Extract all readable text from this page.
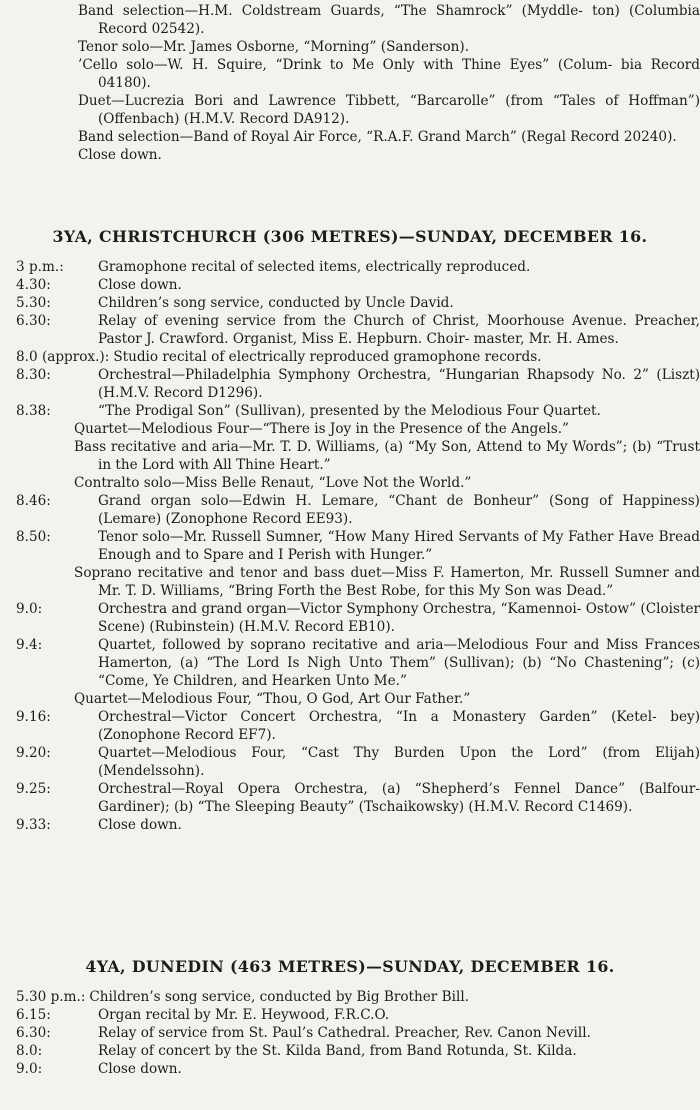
Band selection—H.M. Coldstream Guards, “The Shamrock” (Myddle- ton) (Columbia Record 02542).

Tenor solo—Mr. James Osborne, “Morning” (Sanderson).

’Cello solo—W. H. Squire, “Drink to Me Only with Thine Eyes” (Colum- bia Record 04180).

Duet—Lucrezia Bori and Lawrence Tibbett, “Barcarolle” (from “Tales of Hoffman”) (Offenbach) (H.M.V. Record DA912).

Band selection—Band of Royal Air Force, “R.A.F. Grand March” (Regal Record 20240).

Close down.

3YA, CHRISTCHURCH (306 METRES)—SUNDAY, DECEMBER 16.

3 p.m.:	Gramophone recital of selected items, electrically reproduced.

4.30:	Close down.

5.30:	Children’s song service, conducted by Uncle David.

6.30:	Relay of evening service from the Church of Christ, Moorhouse Avenue. Preacher, Pastor J. Crawford. Organist, Miss E. Hepburn. Choir- master, Mr. H. Ames.

8.0 (approx.): Studio recital of electrically reproduced gramophone records.

8.30:	Orchestral—Philadelphia Symphony Orchestra, “Hungarian Rhapsody No. 2” (Liszt) (H.M.V. Record D1296).

8.38:	“The Prodigal Son” (Sullivan), presented by the Melodious Four Quartet.

Quartet—Melodious Four—“There is Joy in the Presence of the Angels.”

Bass recitative and aria—Mr. T. D. Williams, (a) “My Son, Attend to My Words”; (b) “Trust in the Lord with All Thine Heart.”

Contralto solo—Miss Belle Renaut, “Love Not the World.”

8.46:	Grand organ solo—Edwin H. Lemare, “Chant de Bonheur” (Song of Happiness) (Lemare) (Zonophone Record EE93).

8.50:	Tenor solo—Mr. Russell Sumner, “How Many Hired Servants of My Father Have Bread Enough and to Spare and I Perish with Hunger.”

Soprano recitative and tenor and bass duet—Miss F. Hamerton, Mr. Russell Sumner and Mr. T. D. Williams, “Bring Forth the Best Robe, for this My Son was Dead.”

9.0:	Orchestra and grand organ—Victor Symphony Orchestra, “Kamennoi- Ostow” (Cloister Scene) (Rubinstein) (H.M.V. Record EB10).

9.4:	Quartet, followed by soprano recitative and aria—Melodious Four and Miss Frances Hamerton, (a) “The Lord Is Nigh Unto Them” (Sullivan); (b) “No Chastening”; (c) “Come, Ye Children, and Hearken Unto Me.”

Quartet—Melodious Four, “Thou, O God, Art Our Father.”

9.16:	Orchestral—Victor Concert Orchestra, “In a Monastery Garden” (Ketel- bey) (Zonophone Record EF7).

9.20:	Quartet—Melodious Four, “Cast Thy Burden Upon the Lord” (from Elijah) (Mendelssohn).

9.25:	Orchestral—Royal Opera Orchestra, (a) “Shepherd’s Fennel Dance” (Balfour-Gardiner); (b) “The Sleeping Beauty” (Tschaikowsky) (H.M.V. Record C1469).

9.33:	Close down.

4YA, DUNEDIN (463 METRES)—SUNDAY, DECEMBER 16.

5.30 p.m.: Children’s song service, conducted by Big Brother Bill.

6.15:	Organ recital by Mr. E. Heywood, F.R.C.O.

6.30:	Relay of service from St. Paul’s Cathedral. Preacher, Rev. Canon Nevill.

8.0:	Relay of concert by the St. Kilda Band, from Band Rotunda, St. Kilda.

9.0:	Close down.
